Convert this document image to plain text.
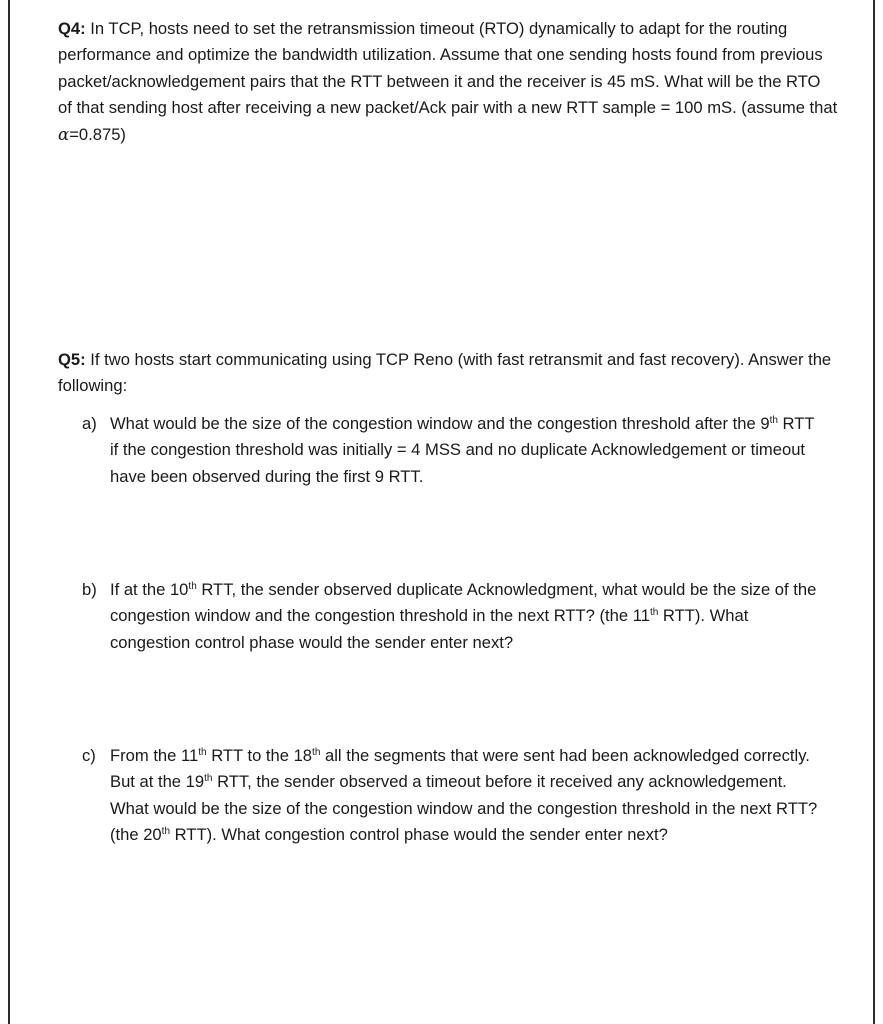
Q4: In TCP, hosts need to set the retransmission timeout (RTO) dynamically to adapt for the routing performance and optimize the bandwidth utilization. Assume that one sending hosts found from previous packet/acknowledgement pairs that the RTT between it and the receiver is 45 mS. What will be the RTO of that sending host after receiving a new packet/Ack pair with a new RTT sample = 100 mS. (assume that α=0.875)

Q5: If two hosts start communicating using TCP Reno (with fast retransmit and fast recovery). Answer the following:

a) What would be the size of the congestion window and the congestion threshold after the 9th RTT if the congestion threshold was initially = 4 MSS and no duplicate Acknowledgement or timeout have been observed during the first 9 RTT.
b) If at the 10th RTT, the sender observed duplicate Acknowledgment, what would be the size of the congestion window and the congestion threshold in the next RTT? (the 11th RTT). What congestion control phase would the sender enter next?
c) From the 11th RTT to the 18th all the segments that were sent had been acknowledged correctly. But at the 19th RTT, the sender observed a timeout before it received any acknowledgement. What would be the size of the congestion window and the congestion threshold in the next RTT? (the 20th RTT). What congestion control phase would the sender enter next?
